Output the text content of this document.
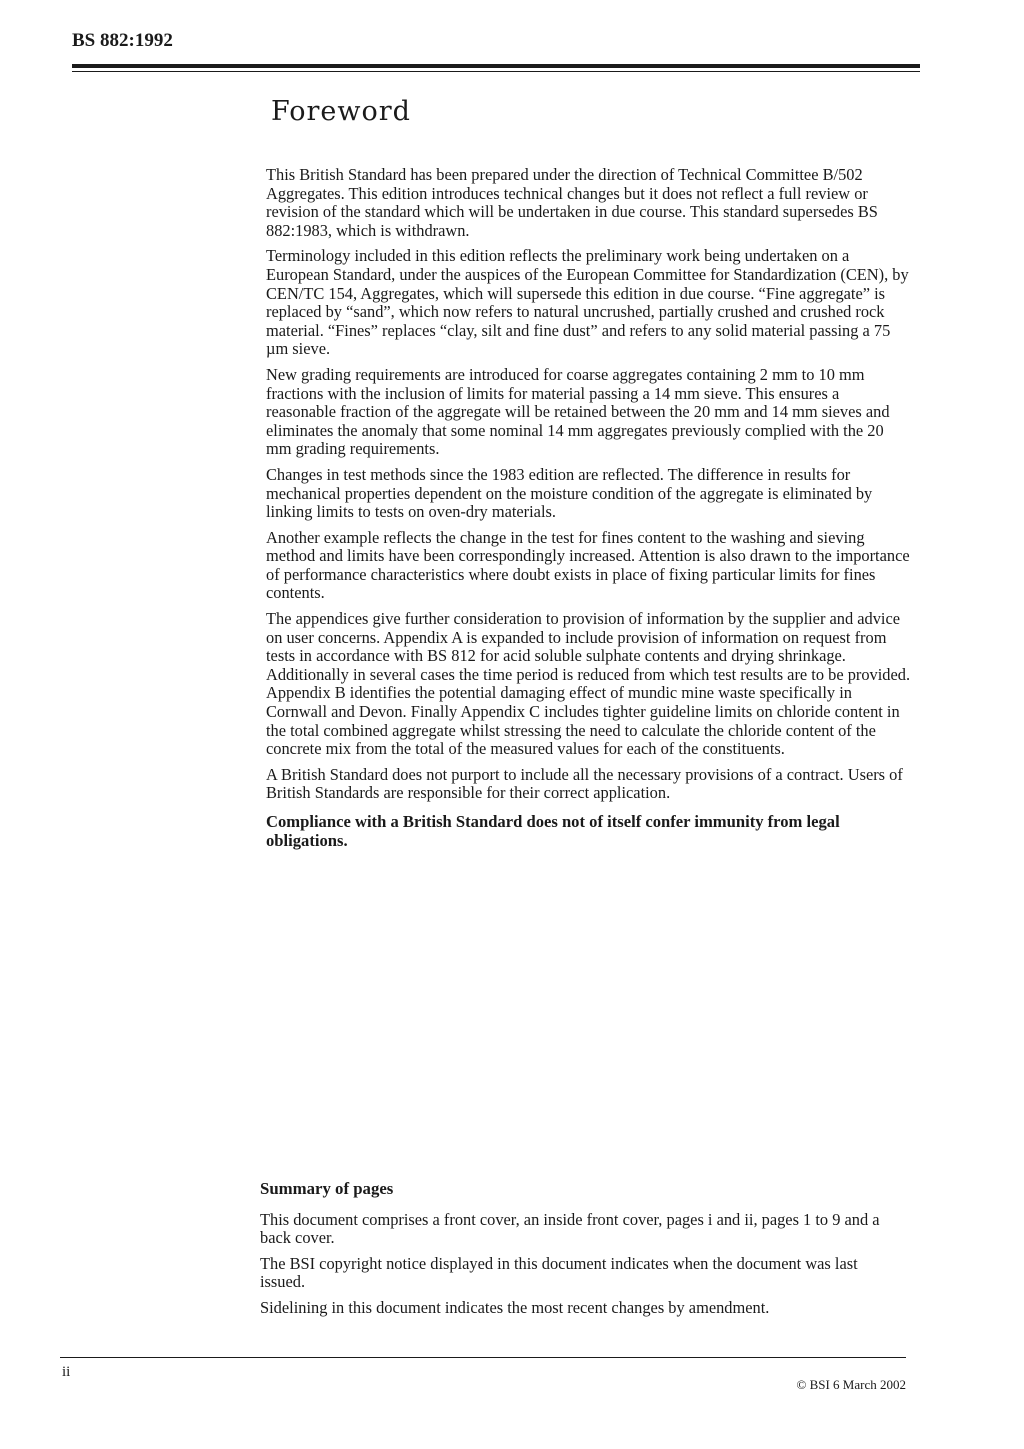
BS 882:1992
Foreword

This British Standard has been prepared under the direction of Technical Committee B/502 Aggregates. This edition introduces technical changes but it does not reflect a full review or revision of the standard which will be undertaken in due course. This standard supersedes BS 882:1983, which is withdrawn.

Terminology included in this edition reflects the preliminary work being undertaken on a European Standard, under the auspices of the European Committee for Standardization (CEN), by CEN/TC 154, Aggregates, which will supersede this edition in due course. “Fine aggregate” is replaced by “sand”, which now refers to natural uncrushed, partially crushed and crushed rock material. “Fines” replaces “clay, silt and fine dust” and refers to any solid material passing a 75 µm sieve.

New grading requirements are introduced for coarse aggregates containing 2 mm to 10 mm fractions with the inclusion of limits for material passing a 14 mm sieve. This ensures a reasonable fraction of the aggregate will be retained between the 20 mm and 14 mm sieves and eliminates the anomaly that some nominal 14 mm aggregates previously complied with the 20 mm grading requirements.

Changes in test methods since the 1983 edition are reflected. The difference in results for mechanical properties dependent on the moisture condition of the aggregate is eliminated by linking limits to tests on oven-dry materials.

Another example reflects the change in the test for fines content to the washing and sieving method and limits have been correspondingly increased. Attention is also drawn to the importance of performance characteristics where doubt exists in place of fixing particular limits for fines contents.

The appendices give further consideration to provision of information by the supplier and advice on user concerns. Appendix A is expanded to include provision of information on request from tests in accordance with BS 812 for acid soluble sulphate contents and drying shrinkage. Additionally in several cases the time period is reduced from which test results are to be provided. Appendix B identifies the potential damaging effect of mundic mine waste specifically in Cornwall and Devon. Finally Appendix C includes tighter guideline limits on chloride content in the total combined aggregate whilst stressing the need to calculate the chloride content of the concrete mix from the total of the measured values for each of the constituents.

A British Standard does not purport to include all the necessary provisions of a contract. Users of British Standards are responsible for their correct application.

Compliance with a British Standard does not of itself confer immunity from legal obligations.

Summary of pages

This document comprises a front cover, an inside front cover, pages i and ii, pages 1 to 9 and a back cover.

The BSI copyright notice displayed in this document indicates when the document was last issued.

Sidelining in this document indicates the most recent changes by amendment.

ii
© BSI 6 March 2002
